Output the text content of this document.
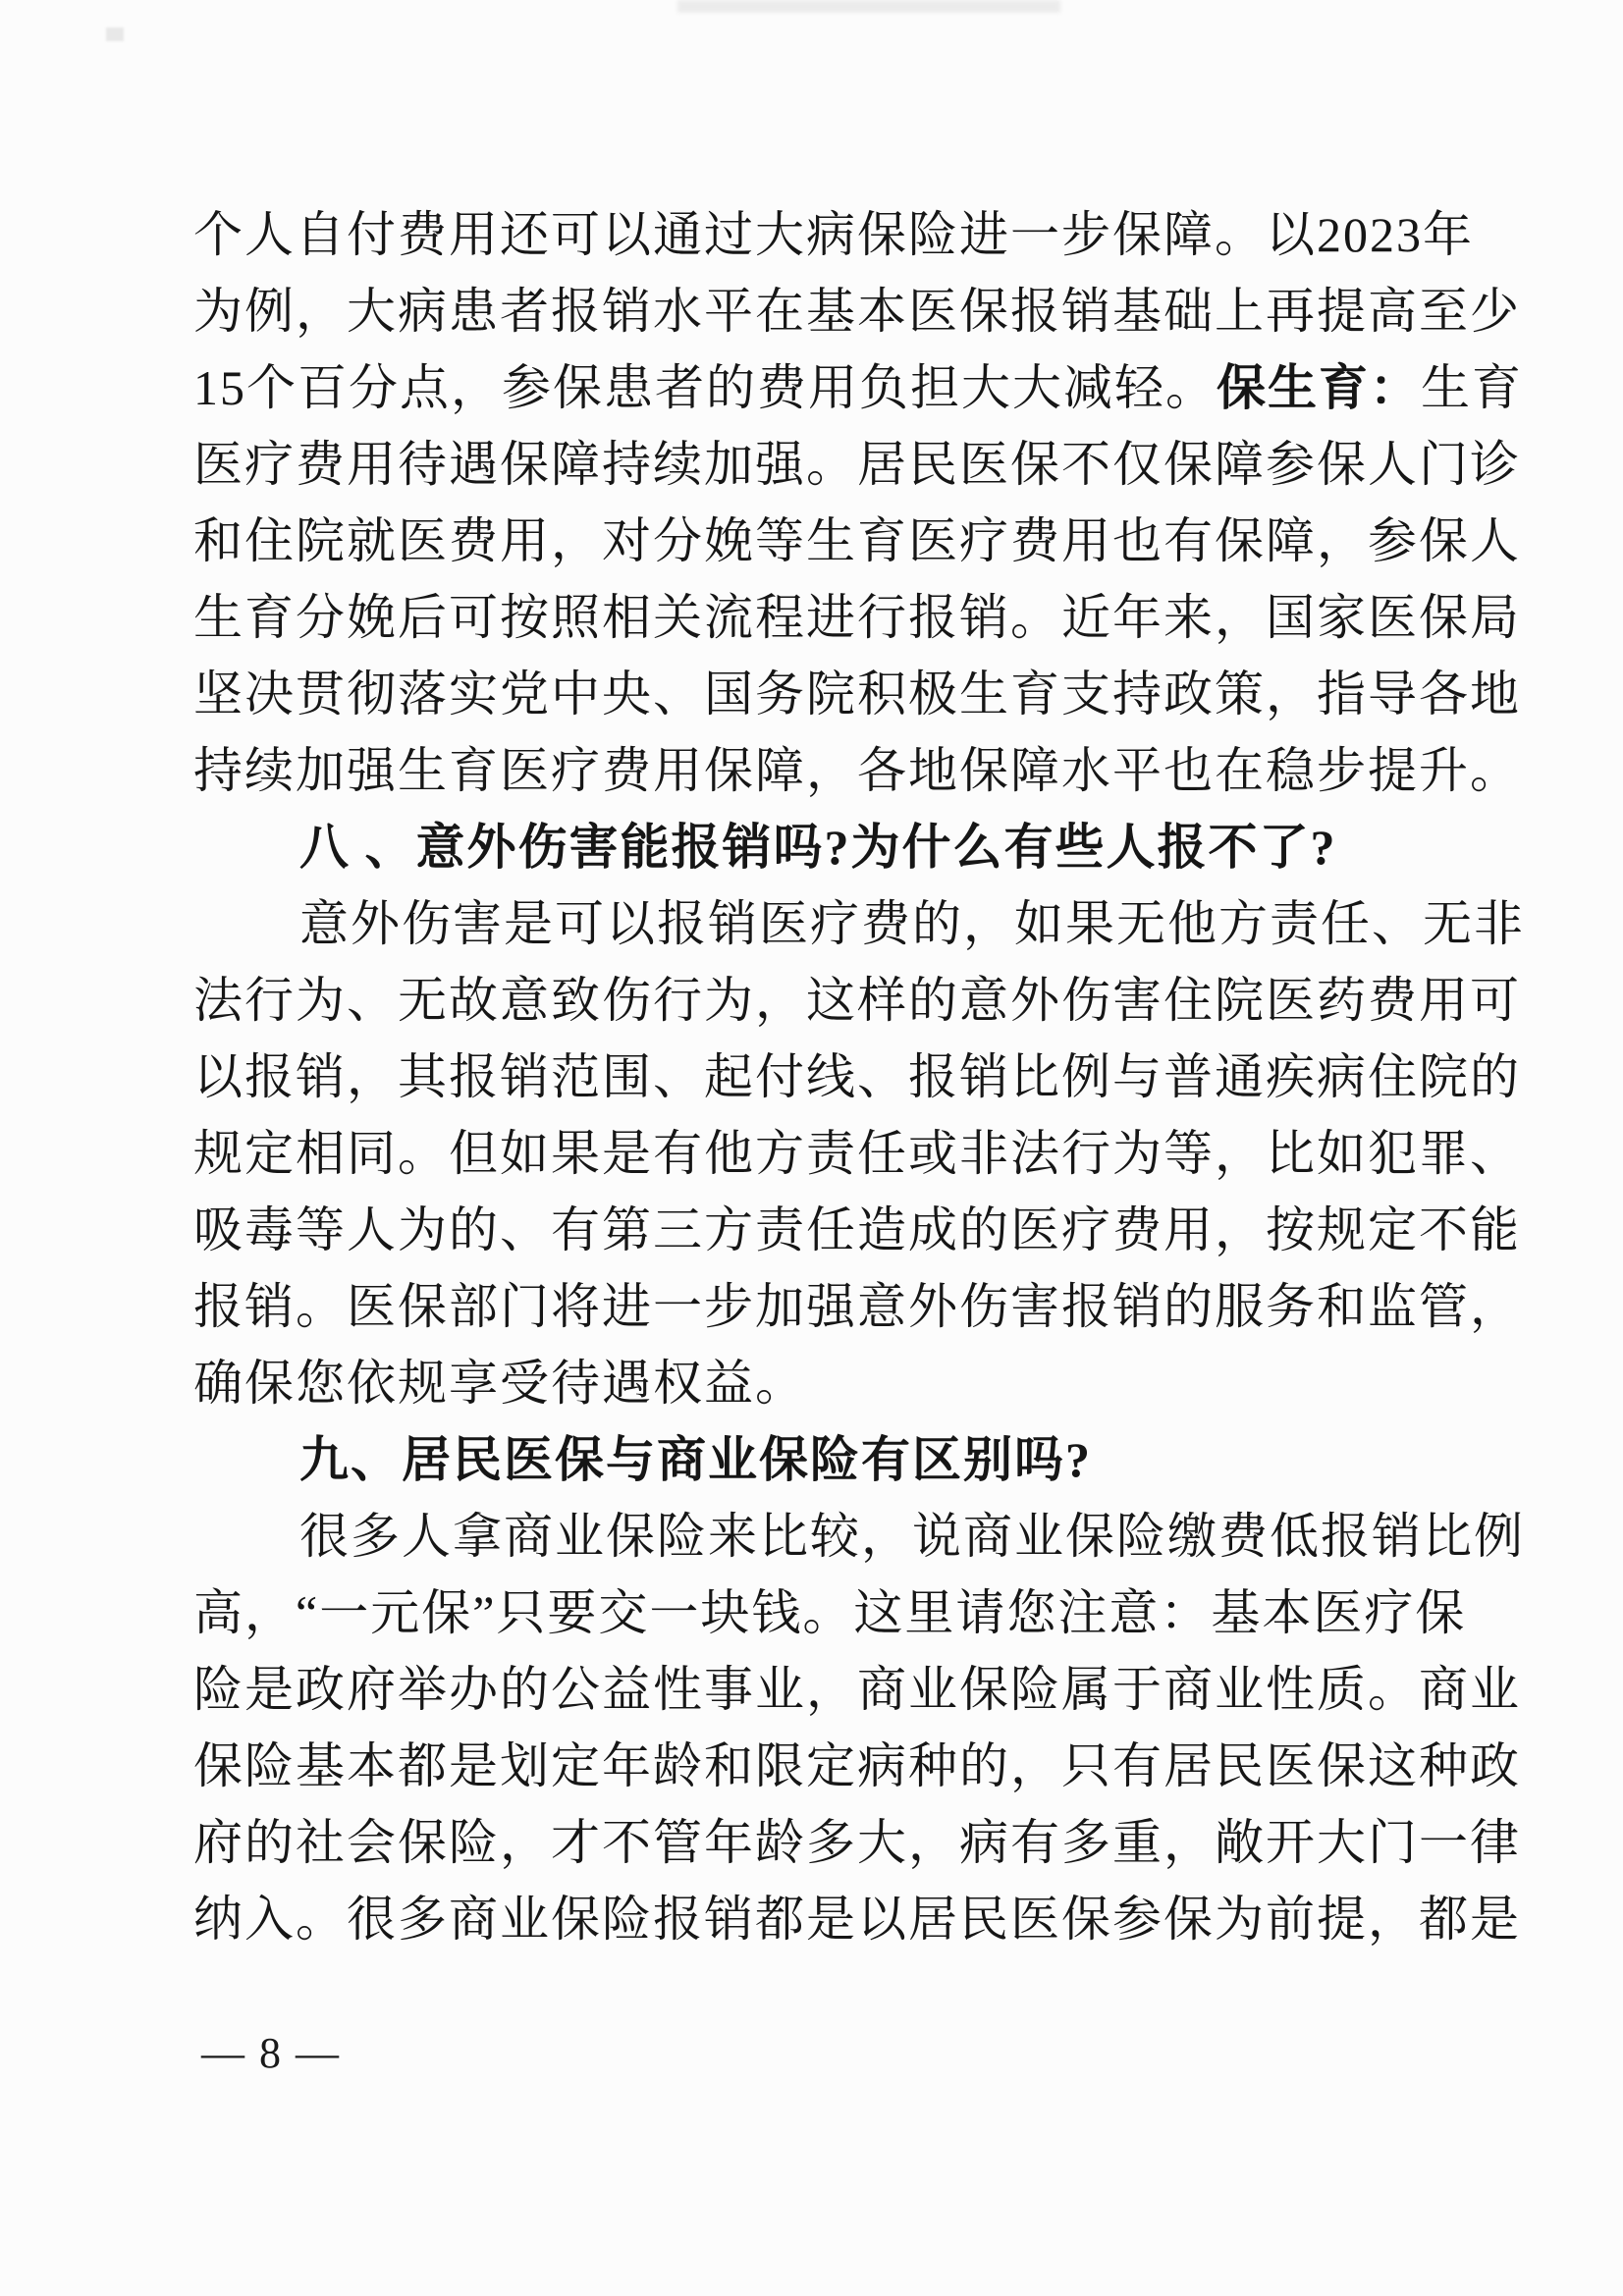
个人自付费用还可以通过大病保险进一步保障。以2023年
为例，大病患者报销水平在基本医保报销基础上再提高至少
15个百分点，参保患者的费用负担大大减轻。保生育：生育
医疗费用待遇保障持续加强。居民医保不仅保障参保人门诊
和住院就医费用，对分娩等生育医疗费用也有保障，参保人
生育分娩后可按照相关流程进行报销。近年来，国家医保局
坚决贯彻落实党中央、国务院积极生育支持政策，指导各地
持续加强生育医疗费用保障，各地保障水平也在稳步提升。
八 、意外伤害能报销吗?为什么有些人报不了?
意外伤害是可以报销医疗费的，如果无他方责任、无非
法行为、无故意致伤行为，这样的意外伤害住院医药费用可
以报销，其报销范围、起付线、报销比例与普通疾病住院的
规定相同。但如果是有他方责任或非法行为等，比如犯罪、
吸毒等人为的、有第三方责任造成的医疗费用，按规定不能
报销。医保部门将进一步加强意外伤害报销的服务和监管，
确保您依规享受待遇权益。
九、居民医保与商业保险有区别吗?
很多人拿商业保险来比较，说商业保险缴费低报销比例
高，“一元保”只要交一块钱。这里请您注意：基本医疗保
险是政府举办的公益性事业，商业保险属于商业性质。商业
保险基本都是划定年龄和限定病种的，只有居民医保这种政
府的社会保险，才不管年龄多大，病有多重，敞开大门一律
纳入。很多商业保险报销都是以居民医保参保为前提，都是
— 8 —
